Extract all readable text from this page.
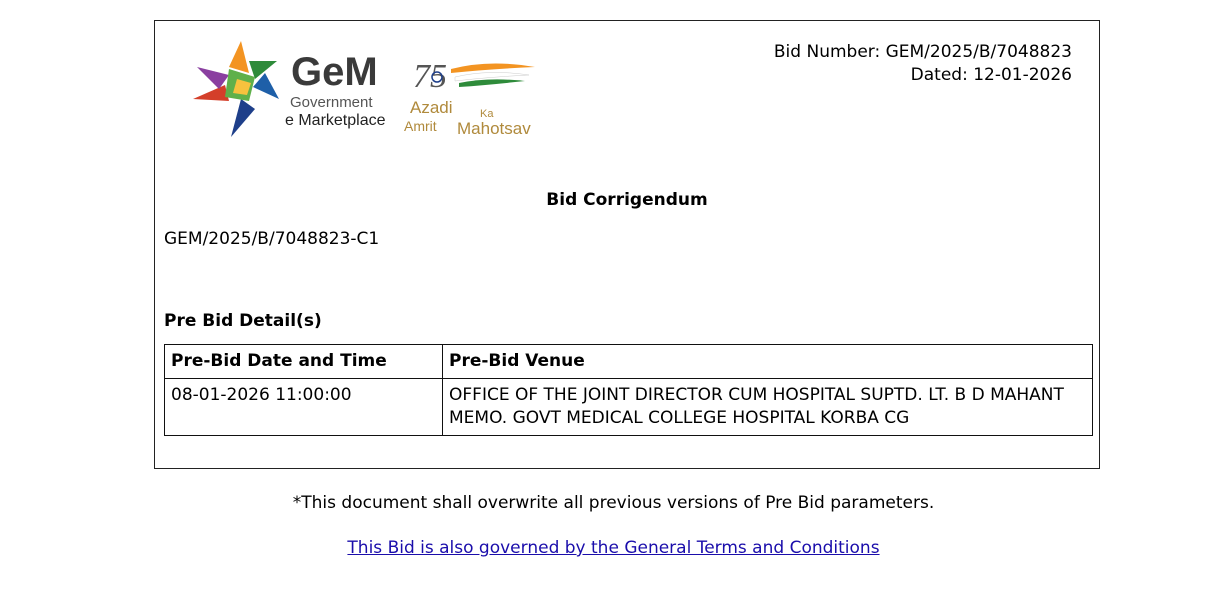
GeM
Government
e Marketplace
75
Azadi Ka
Amrit Mahotsav
Bid Number: GEM/2025/B/7048823
Dated: 12-01-2026
Bid Corrigendum
GEM/2025/B/7048823-C1
Pre Bid Detail(s)
Pre-Bid Date and Time	Pre-Bid Venue
08-01-2026 11:00:00	OFFICE OF THE JOINT DIRECTOR CUM HOSPITAL SUPTD. LT. B D MAHANT MEMO. GOVT MEDICAL COLLEGE HOSPITAL KORBA CG
*This document shall overwrite all previous versions of Pre Bid parameters.
This Bid is also governed by the General Terms and Conditions
